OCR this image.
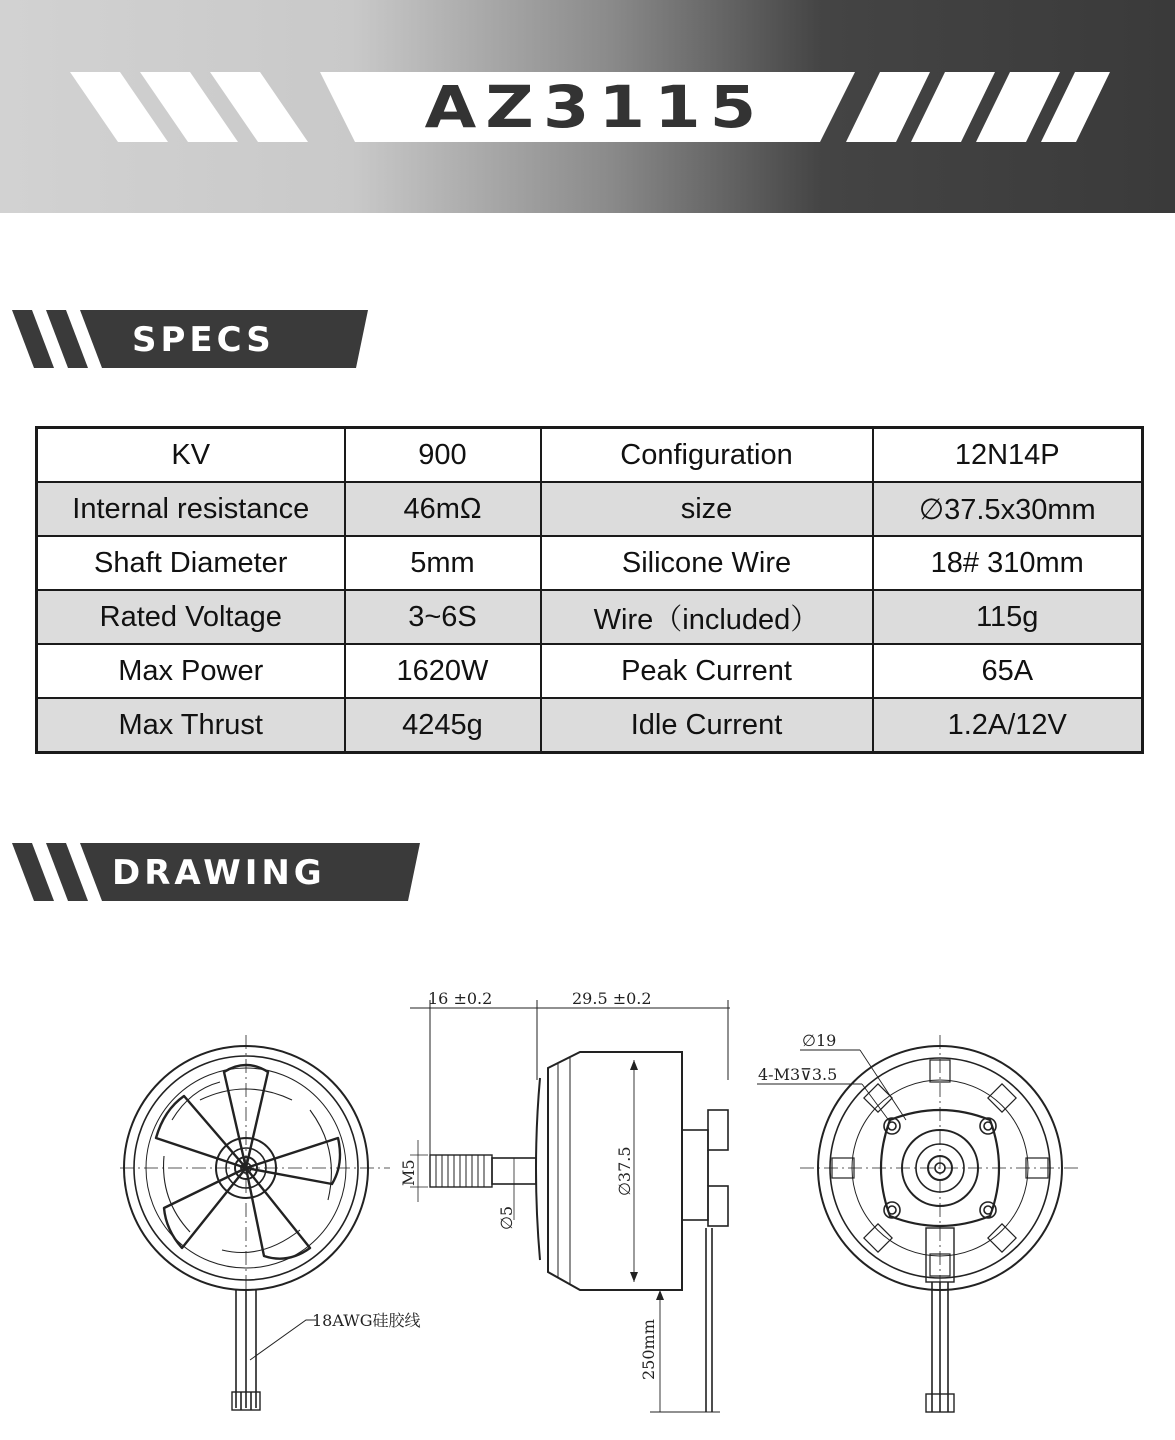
AZ3115
SPECS
KV	900	Configuration	12N14P
Internal resistance	46mΩ	size	∅37.5x30mm
Shaft Diameter	5mm	Silicone Wire	18# 310mm
Rated Voltage	3~6S	Wire（included）	115g
Max Power	1620W	Peak Current	65A
Max Thrust	4245g	Idle Current	1.2A/12V
DRAWING
18AWG硅胶线
16 ±0.2	29.5 ±0.2
∅37.5
M5
∅5
250mm
∅19
4-M3⊽3.5
